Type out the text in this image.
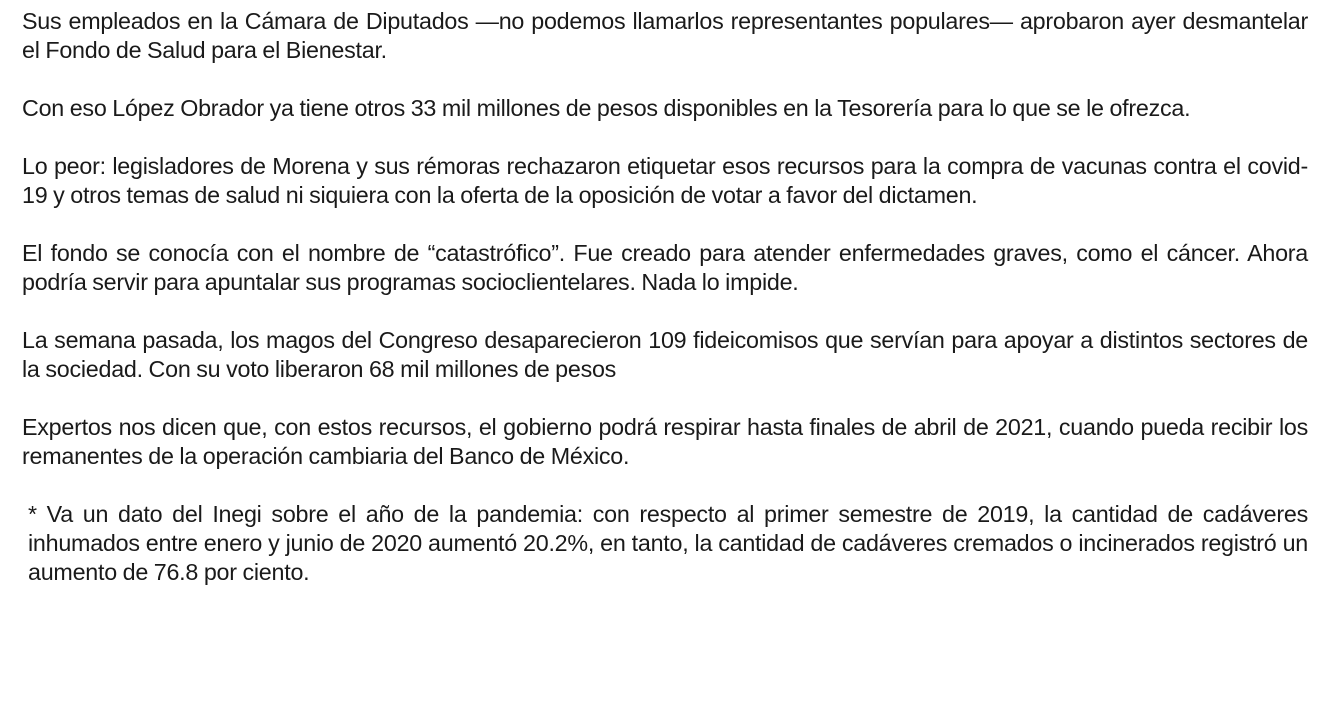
Sus empleados en la Cámara de Diputados —no podemos llamarlos representantes populares— aprobaron ayer desmantelar el Fondo de Salud para el Bienestar.

Con eso López Obrador ya tiene otros 33 mil millones de pesos disponibles en la Tesorería para lo que se le ofrezca.

Lo peor: legisladores de Morena y sus rémoras rechazaron etiquetar esos recursos para la compra de vacunas contra el covid-19 y otros temas de salud ni siquiera con la oferta de la oposición de votar a favor del dictamen.

El fondo se conocía con el nombre de “catastrófico”. Fue creado para atender enfermedades graves, como el cáncer. Ahora podría servir para apuntalar sus programas socioclientelares. Nada lo impide.

La semana pasada, los magos del Congreso desaparecieron 109 fideicomisos que servían para apoyar a distintos sectores de la sociedad. Con su voto liberaron 68 mil millones de pesos

Expertos nos dicen que, con estos recursos, el gobierno podrá respirar hasta finales de abril de 2021, cuando pueda recibir los remanentes de la operación cambiaria del Banco de México.

* Va un dato del Inegi sobre el año de la pandemia: con respecto al primer semestre de 2019, la cantidad de cadáveres inhumados entre enero y junio de 2020 aumentó 20.2%, en tanto, la cantidad de cadáveres cremados o incinerados registró un aumento de 76.8 por ciento.
